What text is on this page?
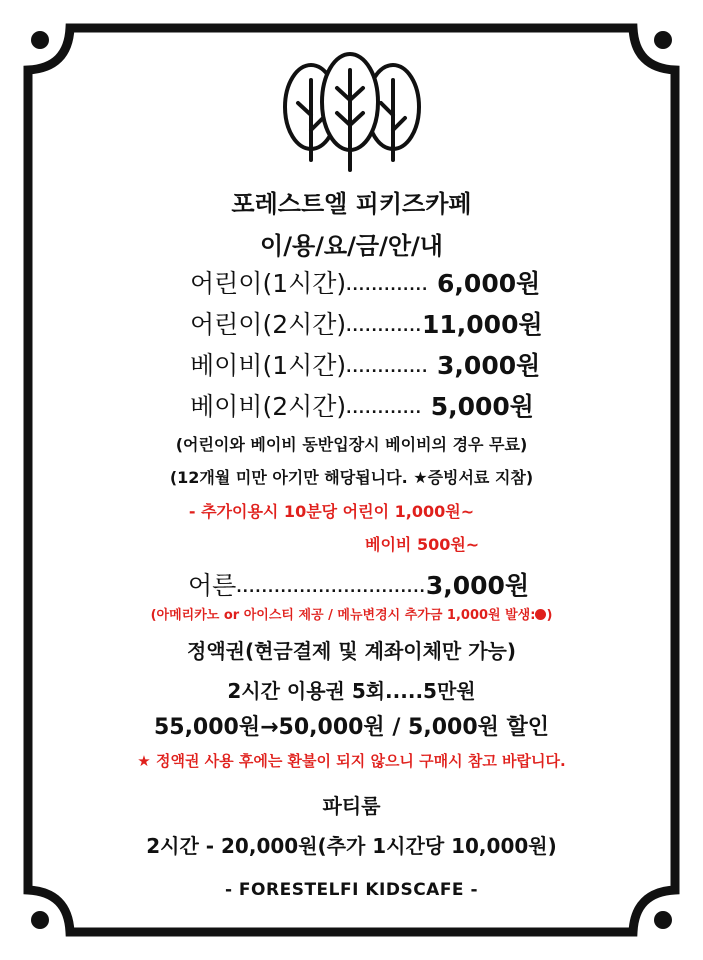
포레스트엘 피키즈카페
이/용/요/금/안/내
어린이(1시간)............. 6,000원
어린이(2시간)............11,000원
베이비(1시간)............. 3,000원
베이비(2시간)............ 5,000원
(어린이와 베이비 동반입장시 베이비의 경우 무료)
(12개월 미만 아기만 해당됩니다. ★증빙서료 지참)
- 추가이용시 10분당 어린이 1,000원~
베이비 500원~
어른..............................3,000원
(아메리카노 or 아이스티 제공 / 메뉴변경시 추가금 1,000원 발생: )
정액권(현금결제 및 계좌이체만 가능)
2시간 이용권 5회.....5만원
55,000원→50,000원 / 5,000원 할인
★ 정액권 사용 후에는 환불이 되지 않으니 구매시 참고 바랍니다.
파티룸
2시간 - 20,000원(추가 1시간당 10,000원)
- FORESTELFI KIDSCAFE -
